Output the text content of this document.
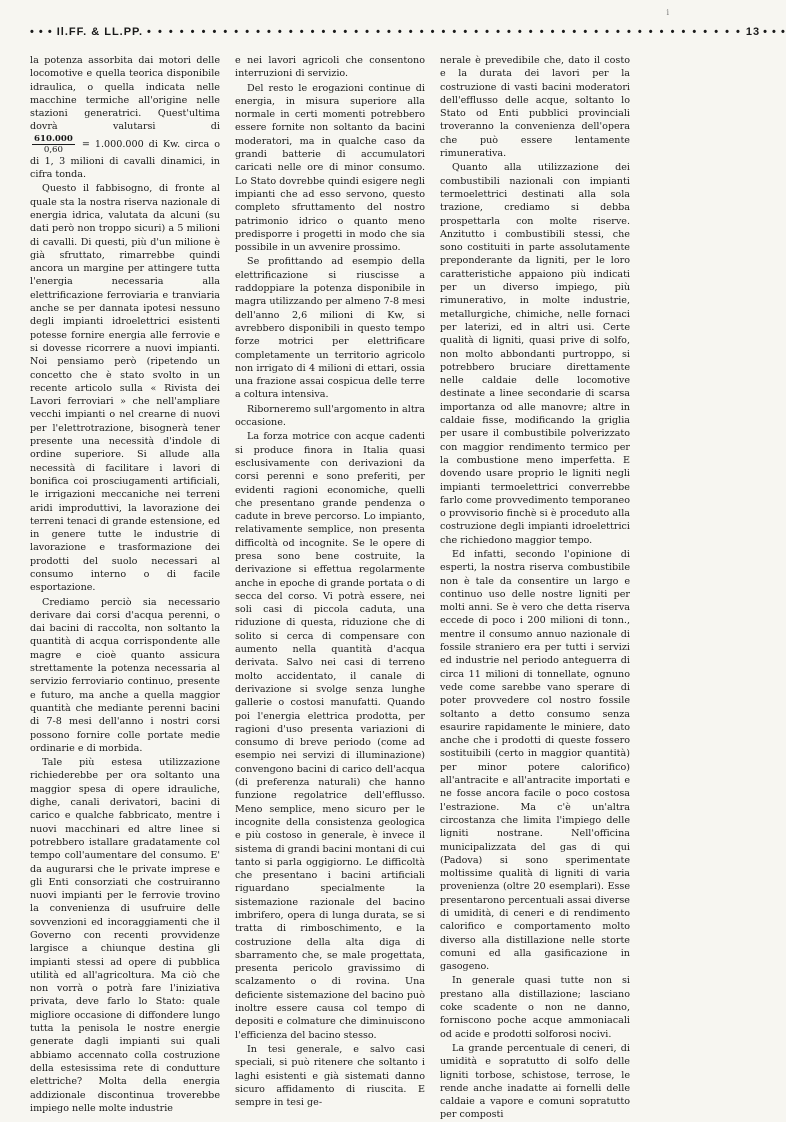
i
• • • Il.FF. & LL.PP. • • • • • • • • • • • • • • • • • • • • • • • • • • • • • • • • • • • • • • • • • • • • • • • • • • • • • • • 13 • • •

la potenza assorbita dai motori delle locomotive e quella teorica disponibile idraulica, o quella indicata nelle macchine termiche all'origine nelle stazioni generatrici. Quest'ultima dovrà valutarsi di
$\frac{610.000}{0,60} = 1.000.000$ di Kw. circa o di 1, 3 milioni di cavalli dinamici, in cifra tonda.

Questo il fabbisogno, di fronte al quale sta la nostra riserva nazionale di energia idrica, valutata da alcuni (su dati però non troppo sicuri) a 5 milioni di cavalli. Di questi, più d'un milione è già sfruttato, rimarrebbe quindi ancora un margine per attingere tutta l'energia necessaria alla elettrificazione ferroviaria e tranviaria anche se per dannata ipotesi nessuno degli impianti idroelettrici esistenti potesse fornire energia alle ferrovie e si dovesse ricorrere a nuovi impianti. Noi pensiamo però (ripetendo un concetto che è stato svolto in un recente articolo sulla « Rivista dei Lavori ferroviari » che nell'ampliare vecchi impianti o nel crearne di nuovi per l'elettrotrazione, bisognerà tener presente una necessità d'indole di ordine superiore. Si allude alla necessità di facilitare i lavori di bonifica coi prosciugamenti artificiali, le irrigazioni meccaniche nei terreni aridi improduttivi, la lavorazione dei terreni tenaci di grande estensione, ed in genere tutte le industrie di lavorazione e trasformazione dei prodotti del suolo necessari al consumo interno o di facile esportazione.

Crediamo perciò sia necessario derivare dai corsi d'acqua perenni, o dai bacini di raccolta, non soltanto la quantità di acqua corrispondente alle magre e cioè quanto assicura strettamente la potenza necessaria al servizio ferroviario continuo, presente e futuro, ma anche a quella maggior quantità che mediante perenni bacini di 7-8 mesi dell'anno i nostri corsi possono fornire colle portate medie ordinarie e di morbida.

Tale più estesa utilizzazione richiederebbe per ora soltanto una maggior spesa di opere idrauliche, dighe, canali derivatori, bacini di carico e qualche fabbricato, mentre i nuovi macchinari ed altre linee si potrebbero istallare gradatamente col tempo coll'aumentare del consumo. E' da augurarsi che le private imprese e gli Enti consorziati che costruiranno nuovi impianti per le ferrovie trovino la convenienza di usufruire delle sovvenzioni ed incoraggiamenti che il Governo con recenti provvidenze largisce a chiunque destina gli impianti stessi ad opere di pubblica utilità ed all'agricoltura. Ma ciò che non vorrà o potrà fare l'iniziativa privata, deve farlo lo Stato: quale migliore occasione di diffondere lungo tutta la penisola le nostre energie generate dagli impianti sui quali abbiamo accennato colla costruzione della estesissima rete di condutture elettriche? Molta della energia addizionale discontinua troverebbe impiego nelle molte industrie

e nei lavori agricoli che consentono interruzioni di servizio.

Del resto le erogazioni continue di energia, in misura superiore alla normale in certi momenti potrebbero essere fornite non soltanto da bacini moderatori, ma in qualche caso da grandi batterie di accumulatori caricati nelle ore di minor consumo. Lo Stato dovrebbe quindi esigere negli impianti che ad esso servono, questo completo sfruttamento del nostro patrimonio idrico o quanto meno predisporre i progetti in modo che sia possibile in un avvenire prossimo.

Se profittando ad esempio della elettrificazione si riuscisse a raddoppiare la potenza disponibile in magra utilizzando per almeno 7-8 mesi dell'anno 2,6 milioni di Kw, si avrebbero disponibili in questo tempo forze motrici per elettrificare completamente un territorio agricolo non irrigato di 4 milioni di ettari, ossia una frazione assai cospicua delle terre a coltura intensiva.

Riborneremo sull'argomento in altra occasione.

La forza motrice con acque cadenti si produce finora in Italia quasi esclusivamente con derivazioni da corsi perenni e sono preferiti, per evidenti ragioni economiche, quelli che presentano grande pendenza o cadute in breve percorso. Lo impianto, relativamente semplice, non presenta difficoltà od incognite. Se le opere di presa sono bene costruite, la derivazione si effettua regolarmente anche in epoche di grande portata o di secca del corso. Vi potrà essere, nei soli casi di piccola caduta, una riduzione di questa, riduzione che di solito si cerca di compensare con aumento nella quantità d'acqua derivata. Salvo nei casi di terreno molto accidentato, il canale di derivazione si svolge senza lunghe gallerie o costosi manufatti. Quando poi l'energia elettrica prodotta, per ragioni d'uso presenta variazioni di consumo di breve periodo (come ad esempio nei servizi di illuminazione) convengono bacini di carico dell'acqua (di preferenza naturali) che hanno funzione regolatrice dell'efflusso. Meno semplice, meno sicuro per le incognite della consistenza geologica e più costoso in generale, è invece il sistema di grandi bacini montani di cui tanto si parla oggigiorno. Le difficoltà che presentano i bacini artificiali riguardano specialmente la sistemazione razionale del bacino imbrifero, opera di lunga durata, se si tratta di rimboschimento, e la costruzione della alta diga di sbarramento che, se male progettata, presenta pericolo gravissimo di scalzamento o di rovina. Una deficiente sistemazione del bacino può inoltre essere causa col tempo di depositi e colmature che diminuiscono l'efficienza del bacino stesso.

In tesi generale, e salvo casi speciali, si può ritenere che soltanto i laghi esistenti e già sistemati danno sicuro affidamento di riuscita. E sempre in tesi ge-

nerale è prevedibile che, dato il costo e la durata dei lavori per la costruzione di vasti bacini moderatori dell'efflusso delle acque, soltanto lo Stato od Enti pubblici provinciali troveranno la convenienza dell'opera che può essere lentamente rimunerativa.

Quanto alla utilizzazione dei combustibili nazionali con impianti termoelettrici destinati alla sola trazione, crediamo si debba prospettarla con molte riserve. Anzitutto i combustibili stessi, che sono costituiti in parte assolutamente preponderante da ligniti, per le loro caratteristiche appaiono più indicati per un diverso impiego, più rimunerativo, in molte industrie, metallurgiche, chimiche, nelle fornaci per laterizi, ed in altri usi. Certe qualità di ligniti, quasi prive di solfo, non molto abbondanti purtroppo, si potrebbero bruciare direttamente nelle caldaie delle locomotive destinate a linee secondarie di scarsa importanza od alle manovre; altre in caldaie fisse, modificando la griglia per usare il combustibile polverizzato con maggior rendimento termico per la combustione meno imperfetta. E dovendo usare proprio le ligniti negli impianti termoelettrici converrebbe farlo come provvedimento temporaneo o provvisorio finchè si è proceduto alla costruzione degli impianti idroelettrici che richiedono maggior tempo.

Ed infatti, secondo l'opinione di esperti, la nostra riserva combustibile non è tale da consentire un largo e continuo uso delle nostre ligniti per molti anni. Se è vero che detta riserva eccede di poco i 200 milioni di tonn., mentre il consumo annuo nazionale di fossile straniero era per tutti i servizi ed industrie nel periodo anteguerra di circa 11 milioni di tonnellate, ognuno vede come sarebbe vano sperare di poter provvedere col nostro fossile soltanto a detto consumo senza esaurire rapidamente le miniere, dato anche che i prodotti di queste fossero sostituibili (certo in maggior quantità) per minor potere calorifico) all'antracite e all'antracite importati e ne fosse ancora facile o poco costosa l'estrazione. Ma c'è un'altra circostanza che limita l'impiego delle ligniti nostrane. Nell'officina municipalizzata del gas di qui (Padova) si sono sperimentate moltissime qualità di ligniti di varia provenienza (oltre 20 esemplari). Esse presentarono percentuali assai diverse di umidità, di ceneri e di rendimento calorifico e comportamento molto diverso alla distillazione nelle storte comuni ed alla gasificazione in gasogeno.

In generale quasi tutte non si prestano alla distillazione; lasciano coke scadente o non ne danno, forniscono poche acque ammoniacali od acide e prodotti solforosi nocivi.

La grande percentuale di ceneri, di umidità e sopratutto di solfo delle ligniti torbose, schistose, terrose, le rende anche inadatte ai fornelli delle caldaie a vapore e comuni sopratutto per composti
